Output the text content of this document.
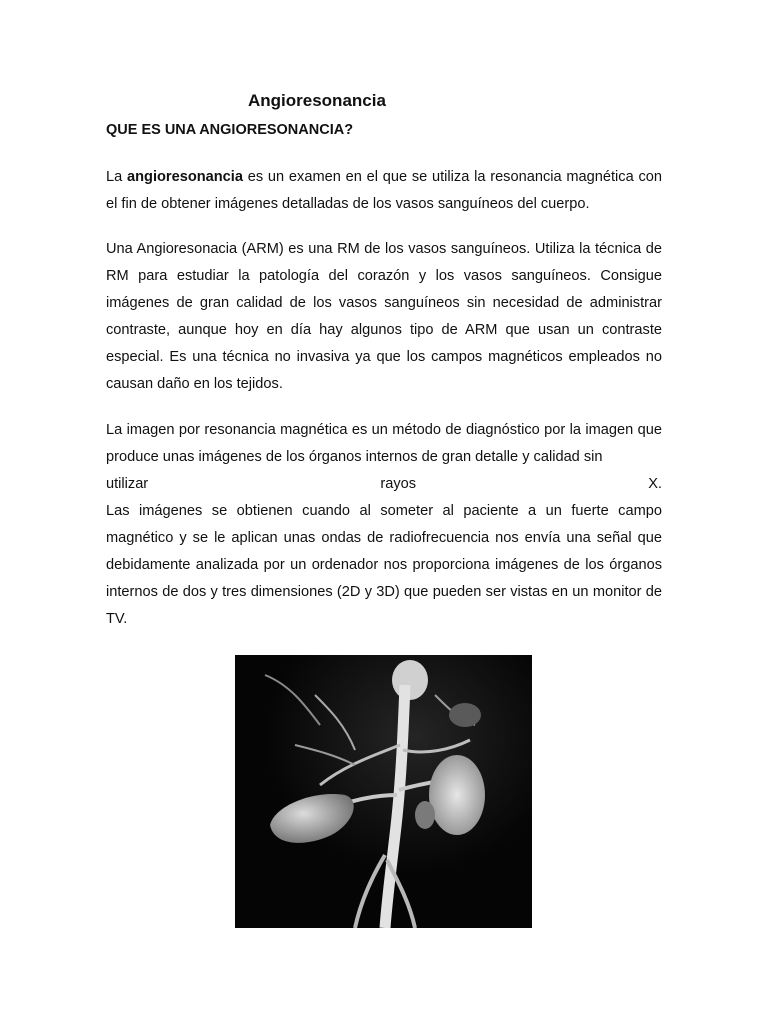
Angioresonancia
QUE ES UNA ANGIORESONANCIA?

La angioresonancia es un examen en el que se utiliza la resonancia magnética con el fin de obtener imágenes detalladas de los vasos sanguíneos del cuerpo.

Una Angioresonacia (ARM) es una RM de los vasos sanguíneos. Utiliza la técnica de RM para estudiar la patología del corazón y los vasos sanguíneos. Consigue imágenes de gran calidad de los vasos sanguíneos sin necesidad de administrar contraste, aunque hoy en día hay algunos tipo de ARM que usan un contraste especial. Es una técnica no invasiva ya que los campos magnéticos empleados no causan daño en los tejidos.

La imagen por resonancia magnética es un método de diagnóstico por la imagen que produce unas imágenes de los órganos internos de gran detalle y calidad sin

utilizar	rayos	X.
Las imágenes se obtienen cuando al someter al paciente a un fuerte campo magnético y se le aplican unas ondas de radiofrecuencia nos envía una señal que debidamente analizada por un ordenador nos proporciona imágenes de los órganos internos de dos y tres dimensiones (2D y 3D) que pueden ser vistas en un monitor de TV.
